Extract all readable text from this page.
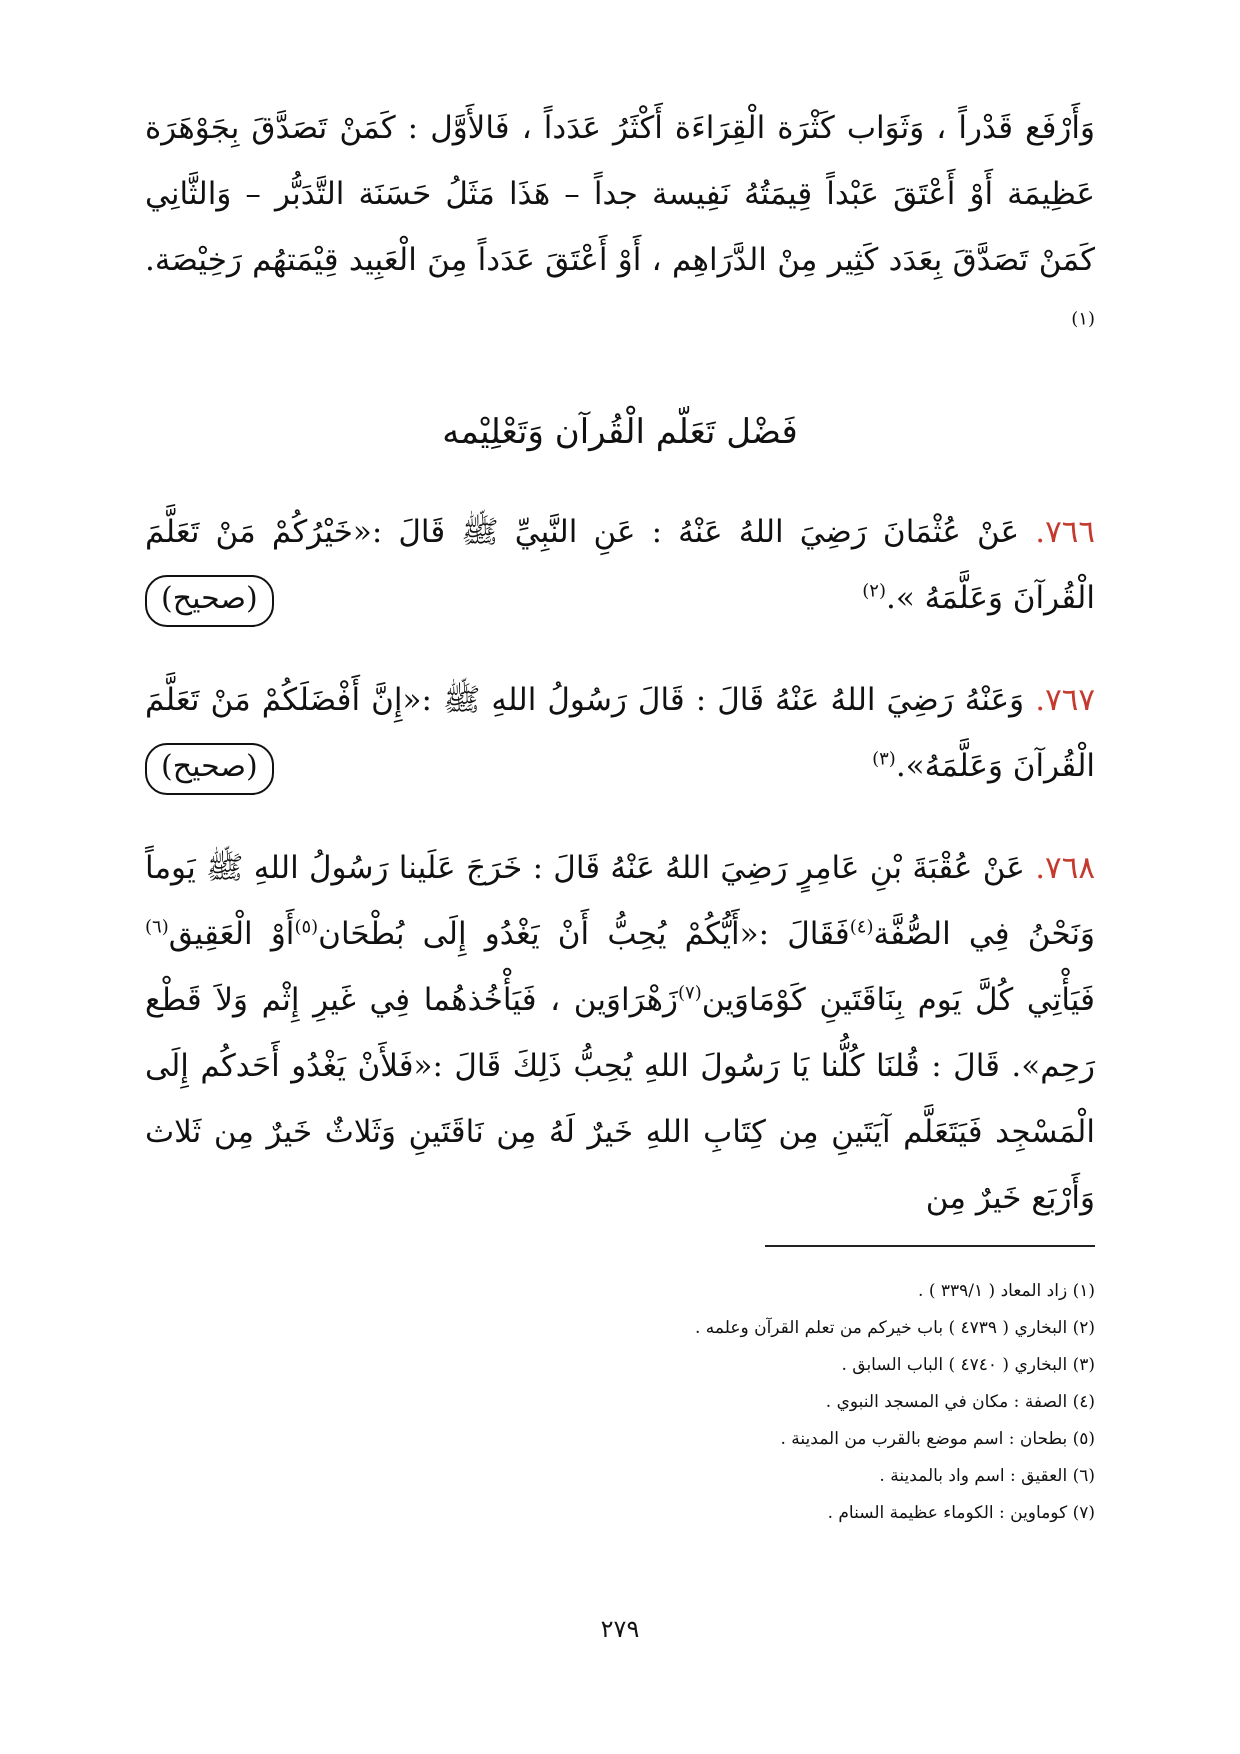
وَأَرْفَع قَدْراً ، وَثَوَاب كَثْرَة الْقِرَاءَة أَكْثَرُ عَدَداً ، فَالأَوَّل : كَمَنْ تَصَدَّقَ بِجَوْهَرَة عَظِيمَة أَوْ أَعْتَقَ عَبْداً قِيمَتُهُ نَفِيسة جداً – هَذَا مَثَلُ حَسَنَة التَّدَبُّر – وَالثَّانِي كَمَنْ تَصَدَّقَ بِعَدَد كَثِير مِنْ الدَّرَاهِم ، أَوْ أَعْتَقَ عَدَداً مِنَ الْعَبِيد قِيْمَتهُم رَخِيْصَة. $^{(١)}$

فَضْل تَعَلّم الْقُرآن وَتَعْلِيْمه

٧٦٦. عَنْ عُثْمَانَ رَضِيَ اللهُ عَنْهُ : عَنِ النَّبِيِّ ﷺ قَالَ :«خَيْرُكُمْ مَنْ تَعَلَّمَ الْقُرآنَ وَعَلَّمَهُ ».$^{(٢)}$

(صحيح)

٧٦٧. وَعَنْهُ رَضِيَ اللهُ عَنْهُ قَالَ : قَالَ رَسُولُ اللهِ ﷺ :«إِنَّ أَفْضَلَكُمْ مَنْ تَعَلَّمَ الْقُرآنَ وَعَلَّمَهُ».$^{(٣)}$

(صحيح)

٧٦٨. عَنْ عُقْبَةَ بْنِ عَامِرٍ رَضِيَ اللهُ عَنْهُ قَالَ : خَرَجَ عَلَينا رَسُولُ اللهِ ﷺ يَوماً وَنَحْنُ فِي الصُّفَّة$^{(٤)}$فَقَالَ :«أَيُّكُمْ يُحِبُّ أَنْ يَغْدُو إِلَى بُطْحَان$^{(٥)}$أَوْ الْعَقِيق$^{(٦)}$ فَيَأْتِي كُلَّ يَوم بِنَاقَتَينِ كَوْمَاوَين$^{(٧)}$زَهْرَاوَين ، فَيَأْخُذهُما فِي غَيرِ إِثْم وَلاَ قَطْع رَحِم». قَالَ : قُلنَا كُلُّنا يَا رَسُولَ اللهِ يُحِبُّ ذَلِكَ قَالَ :«فَلأَنْ يَغْدُو أَحَدكُم إِلَى الْمَسْجِد فَيَتَعَلَّم آيَتَينِ مِن كِتَابِ اللهِ خَيرٌ لَهُ مِن نَاقَتَينِ وَثَلاثٌ خَيرٌ مِن ثَلاث وَأَرْبَع خَيرٌ مِن

(١) زاد المعاد ( ٣٣٩/١ ) .

(٢) البخاري ( ٤٧٣٩ ) باب خيركم من تعلم القرآن وعلمه .

(٣) البخاري ( ٤٧٤٠ ) الباب السابق .

(٤) الصفة : مكان في المسجد النبوي .

(٥) بطحان : اسم موضع بالقرب من المدينة .

(٦) العقيق : اسم واد بالمدينة .

(٧) كوماوين : الكوماء عظيمة السنام .

٢٧٩
